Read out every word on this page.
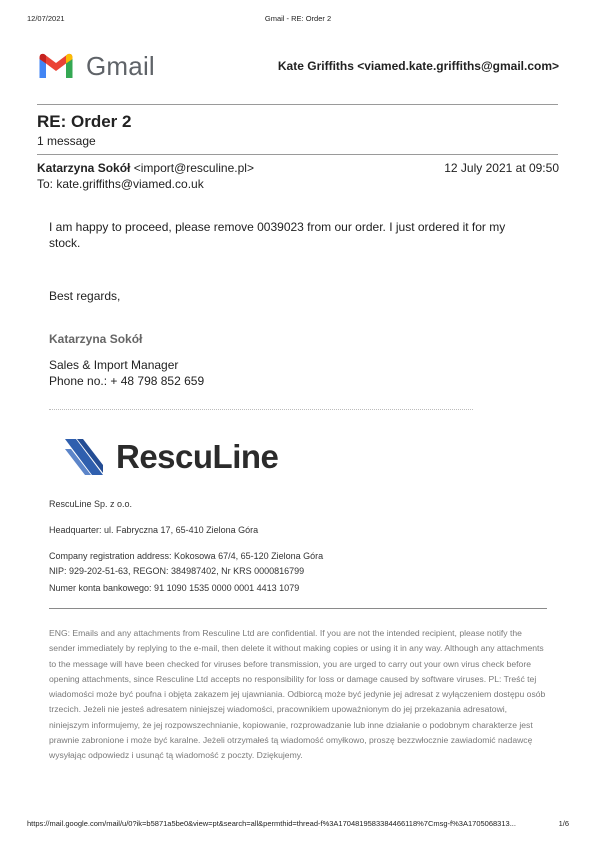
12/07/2021	Gmail - RE: Order 2
Gmail	Kate Griffiths <viamed.kate.griffiths@gmail.com>
RE: Order 2
1 message
Katarzyna Sokół <import@resculine.pl>	12 July 2021 at 09:50
To: kate.griffiths@viamed.co.uk
I am happy to proceed, please remove 0039023 from our order. I just ordered it for my
stock.
Best regards,
Katarzyna Sokół
Sales & Import Manager
Phone no.: + 48 798 852 659
RescuLine
RescuLine Sp. z o.o.
Headquarter: ul. Fabryczna 17, 65-410 Zielona Góra
Company registration address: Kokosowa 67/4, 65-120 Zielona Góra
NIP: 929-202-51-63, REGON: 384987402, Nr KRS 0000816799
Numer konta bankowego: 91 1090 1535 0000 0001 4413 1079
ENG: Emails and any attachments from Resculine Ltd are confidential. If you are not the intended recipient, please notify the sender immediately by replying to the e-mail, then delete it without making copies or using it in any way. Although any attachments to the message will have been checked for viruses before transmission, you are urged to carry out your own virus check before opening attachments, since Resculine Ltd accepts no responsibility for loss or damage caused by software viruses. PL: Treść tej wiadomości może być poufna i objęta zakazem jej ujawniania. Odbiorcą może być jedynie jej adresat z wyłączeniem dostępu osób trzecich. Jeżeli nie jesteś adresatem niniejszej wiadomości, pracownikiem upoważnionym do jej przekazania adresatowi, niniejszym informujemy, że jej rozpowszechnianie, kopiowanie, rozprowadzanie lub inne działanie o podobnym charakterze jest prawnie zabronione i może być karalne. Jeżeli otrzymałeś tą wiadomość omyłkowo, proszę bezzwłocznie zawiadomić nadawcę wysyłając odpowiedz i usunąć tą wiadomość z poczty. Dziękujemy.
https://mail.google.com/mail/u/0?ik=b5871a5be0&view=pt&search=all&permthid=thread-f%3A1704819583384466118%7Cmsg-f%3A1705068313...	1/6
